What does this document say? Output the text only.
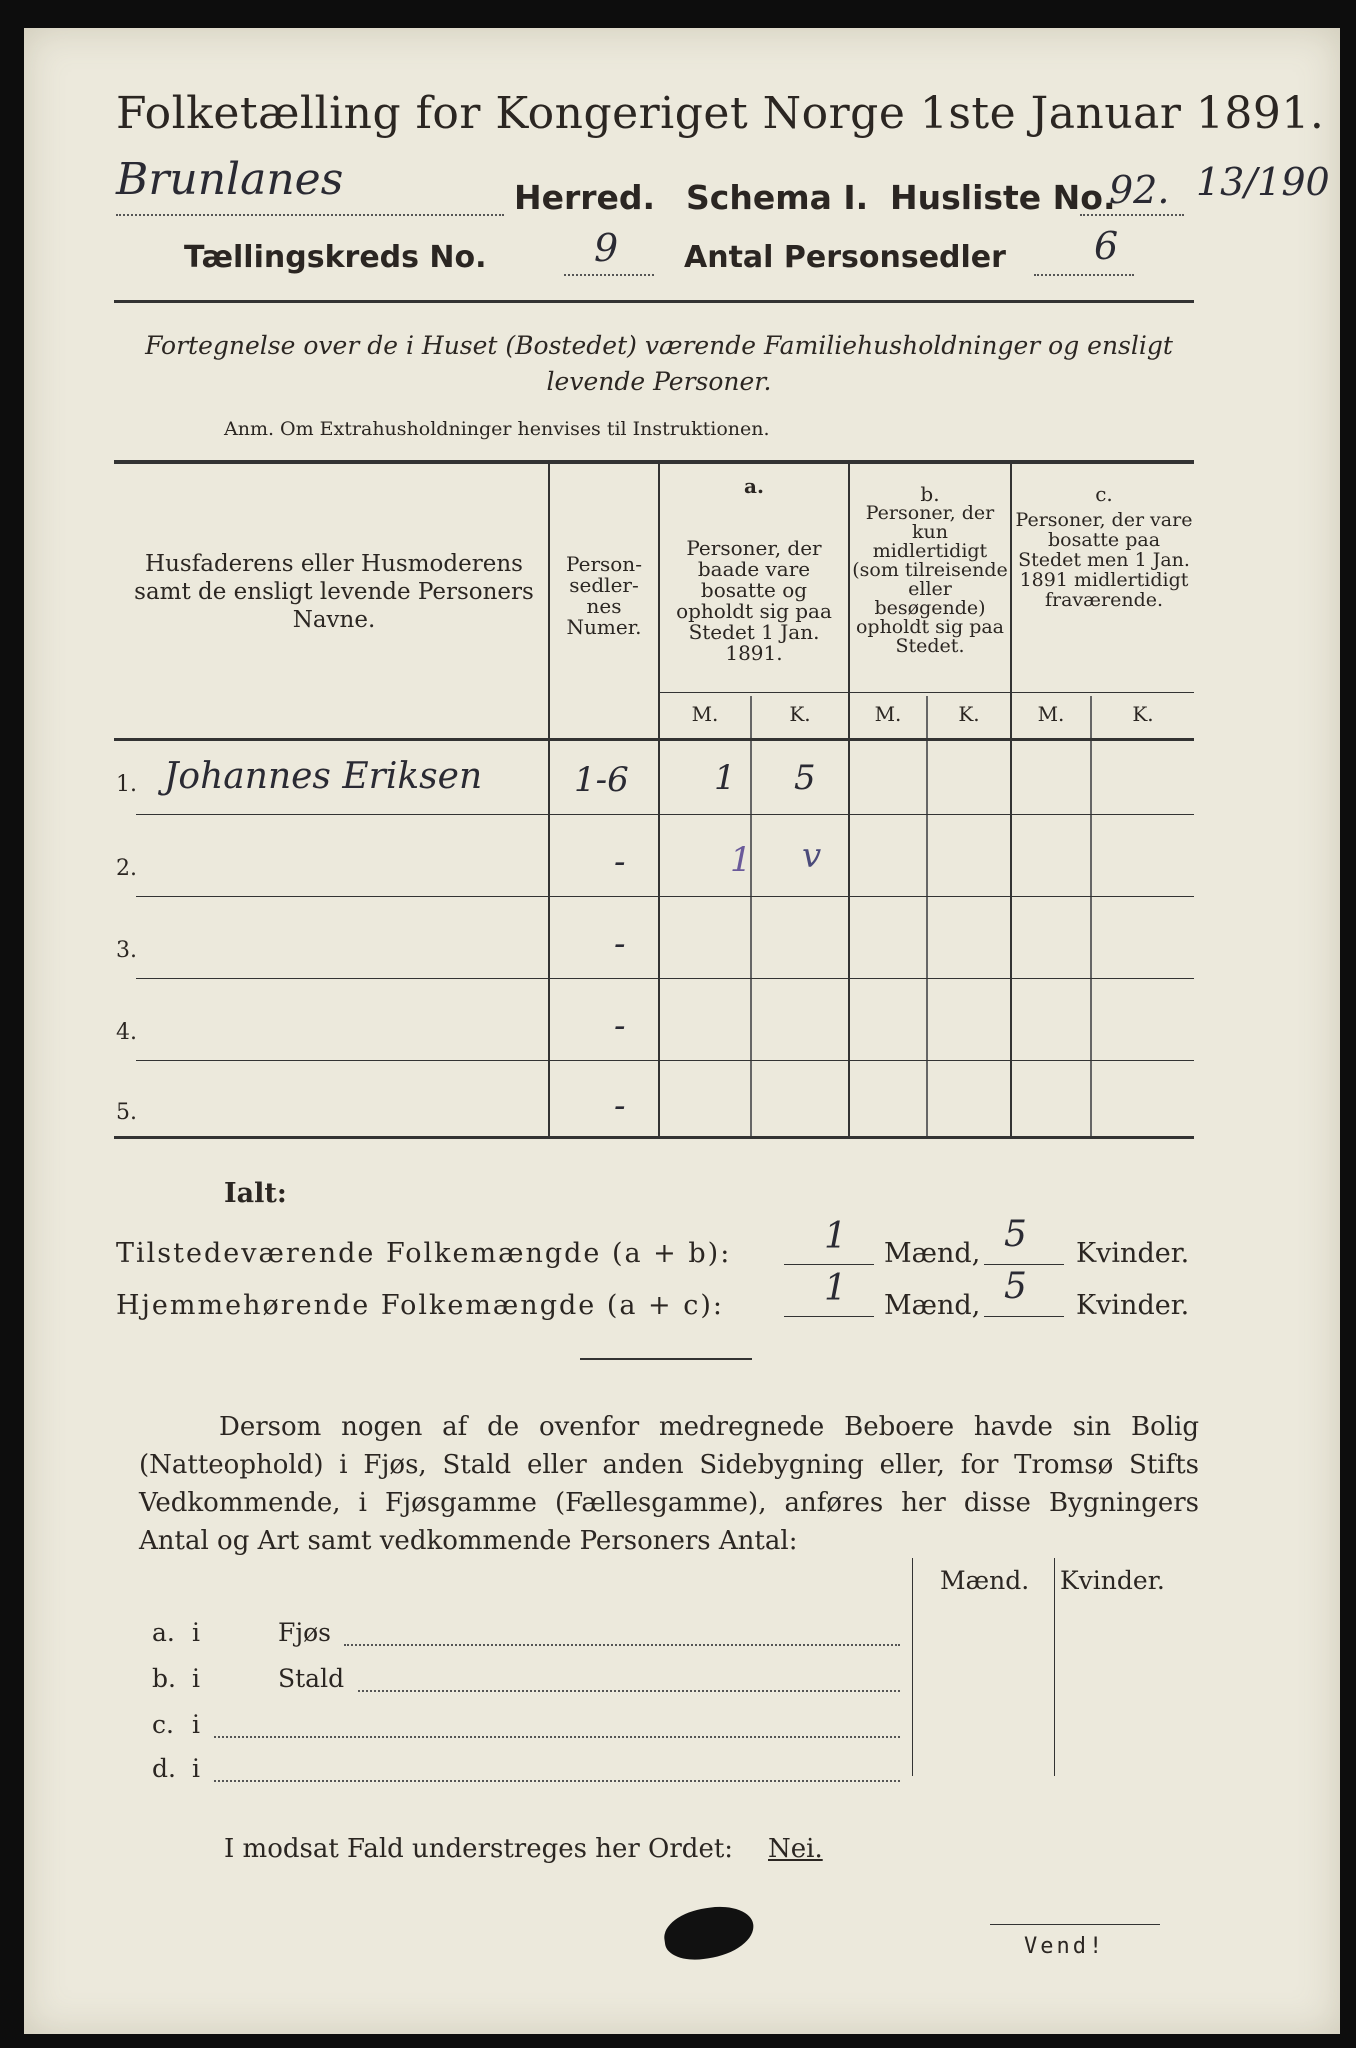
Folketælling for Kongeriget Norge 1ste Januar 1891.
Brunlanes	Herred. Schema I. Husliste No.
92. 13/190
Tællingskreds No.	9 Antal Personsedler 6
Fortegnelse over de i Huset (Bostedet) værende Familiehusholdninger og ensligt levende Personer.
Anm. Om Extrahusholdninger henvises til Instruktionen.
Husfaderens eller Husmoderens samt de ensligt levende Personers Navne.
Person-sedler-nes Numer.
a.
Personer, der baade vare bosatte og opholdt sig paa Stedet 1 Jan. 1891.
b.
Personer, der kun midlertidigt (som tilreisende eller besøgende) opholdt sig paa Stedet.
c.
Personer, der vare bosatte paa Stedet men 1 Jan. 1891 midlertidigt fraværende.
M.	K.	M.	K.	M.	K.
1. Johannes Eriksen	1-6	1 5
2.	-	1 v
3.	-
4.	-
5.	-
Ialt:
Tilstedeværende Folkemængde (a + b):	1 Mænd, 5 Kvinder.
Hjemmehørende Folkemængde (a + c):	1 Mænd, 5 Kvinder.
Dersom nogen af de ovenfor medregnede Beboere havde sin Bolig (Natteophold) i Fjøs, Stald eller anden Sidebygning eller, for Tromsø Stifts Vedkommende, i Fjøsgamme (Fællesgamme), anføres her disse Bygningers Antal og Art samt vedkommende Personers Antal:
Mænd. Kvinder.
a. i	Fjøs
b. i	Stald
c. i
d. i
I modsat Fald understreges her Ordet: Nei.
Vend!
